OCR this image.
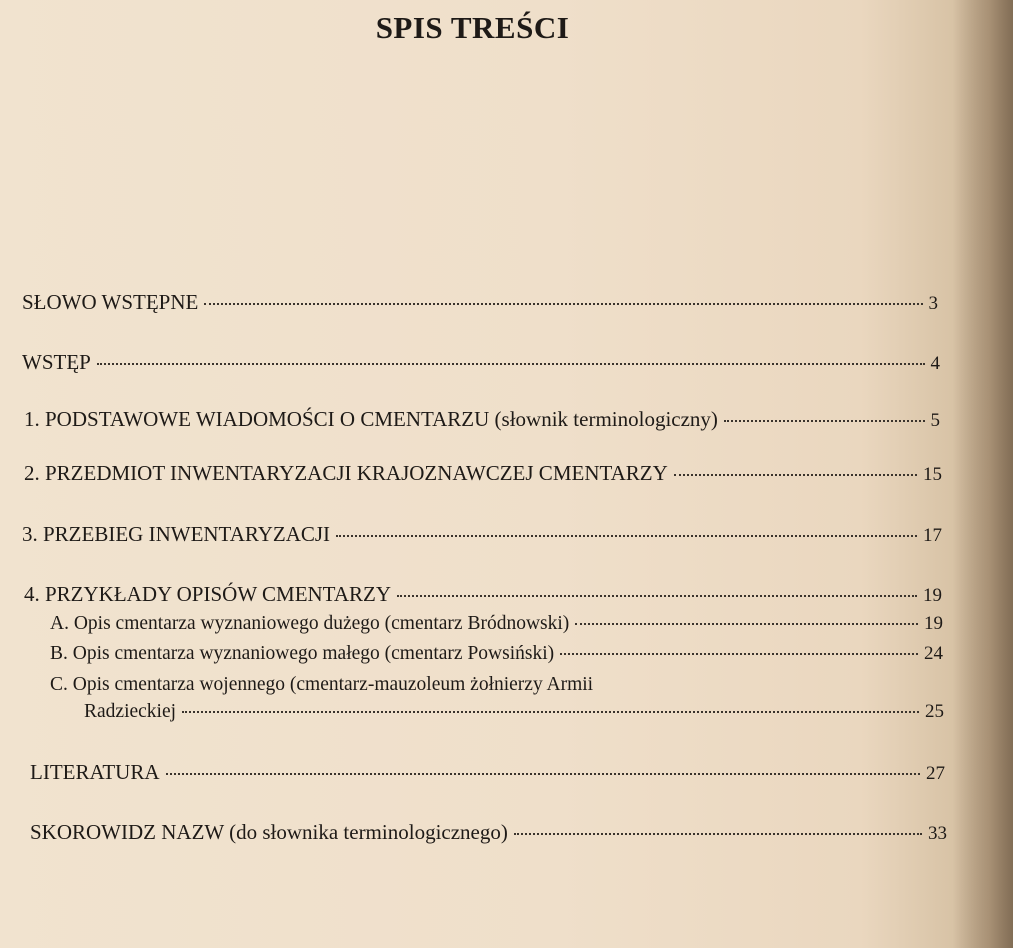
SPIS TREŚCI
SŁOWO WSTĘPNE	3
WSTĘP	4
1. PODSTAWOWE WIADOMOŚCI O CMENTARZU (słownik terminologiczny)	5
2. PRZEDMIOT INWENTARYZACJI KRAJOZNAWCZEJ CMENTARZY	15
3. PRZEBIEG INWENTARYZACJI	17
4. PRZYKŁADY OPISÓW CMENTARZY	19
A. Opis cmentarza wyznaniowego dużego (cmentarz Bródnowski)	19
B. Opis cmentarza wyznaniowego małego (cmentarz Powsiński)	24
C. Opis cmentarza wojennego (cmentarz-mauzoleum żołnierzy Armii
Radzieckiej	25
LITERATURA	27
SKOROWIDZ NAZW (do słownika terminologicznego)	33
